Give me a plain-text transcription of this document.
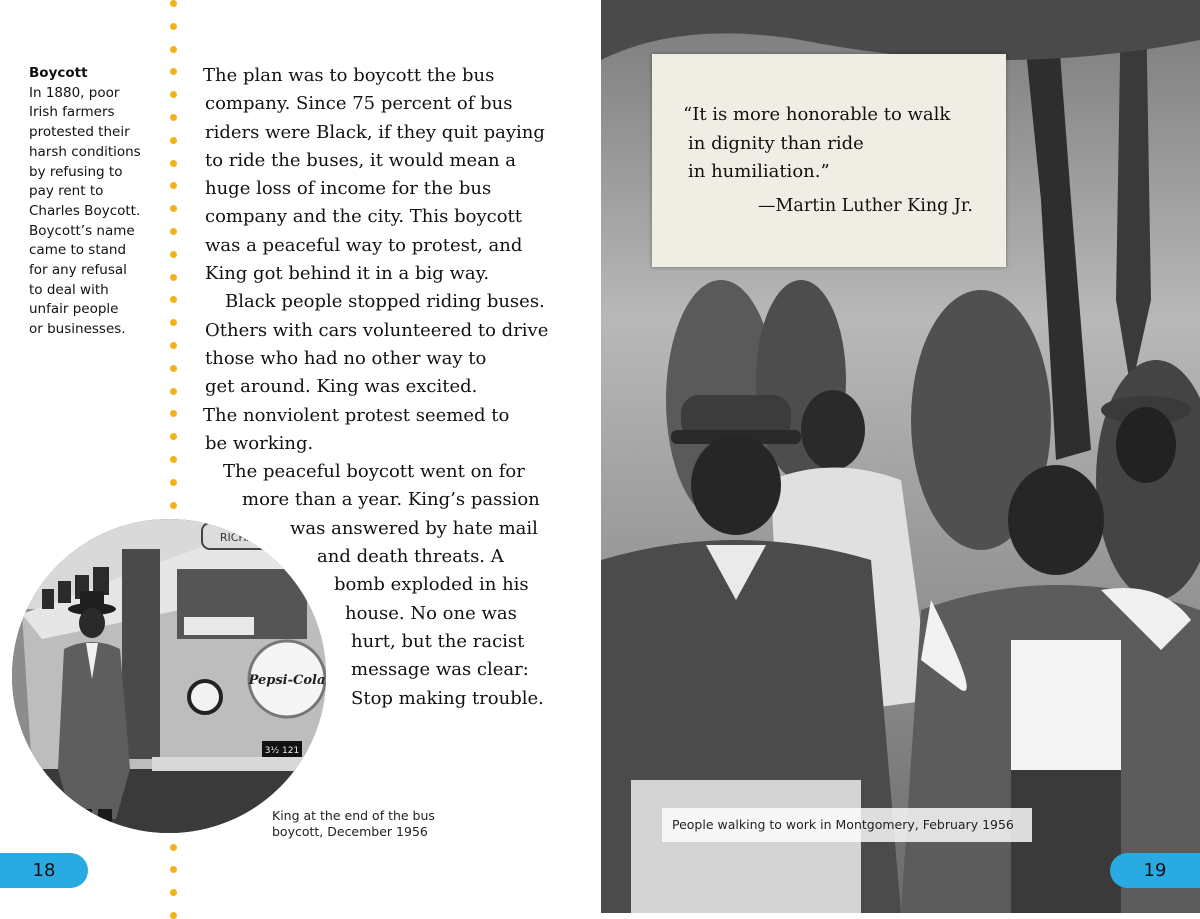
Boycott
In 1880, poor
Irish farmers
protested their
harsh conditions
by refusing to
pay rent to
Charles Boycott.
Boycott’s name
came to stand
for any refusal
to deal with
unfair people
or businesses.
The plan was to boycott the bus
company. Since 75 percent of bus
riders were Black, if they quit paying
to ride the buses, it would mean a
huge loss of income for the bus
company and the city. This boycott
was a peaceful way to protest, and
King got behind it in a big way.
Black people stopped riding buses.
Others with cars volunteered to drive
those who had no other way to
get around. King was excited.
The nonviolent protest seemed to
be working.
The peaceful boycott went on for
more than a year. King’s passion
was answered by hate mail
and death threats. A
bomb exploded in his
house. No one was
hurt, but the racist
message was clear:
Stop making trouble.
RICHA
3½ 121
Pepsi-Cola
King at the end of the bus
boycott, December 1956
18
“It is more honorable to walk
in dignity than ride
in humiliation.”
—Martin Luther King Jr.
People walking to work in Montgomery, February 1956
19
